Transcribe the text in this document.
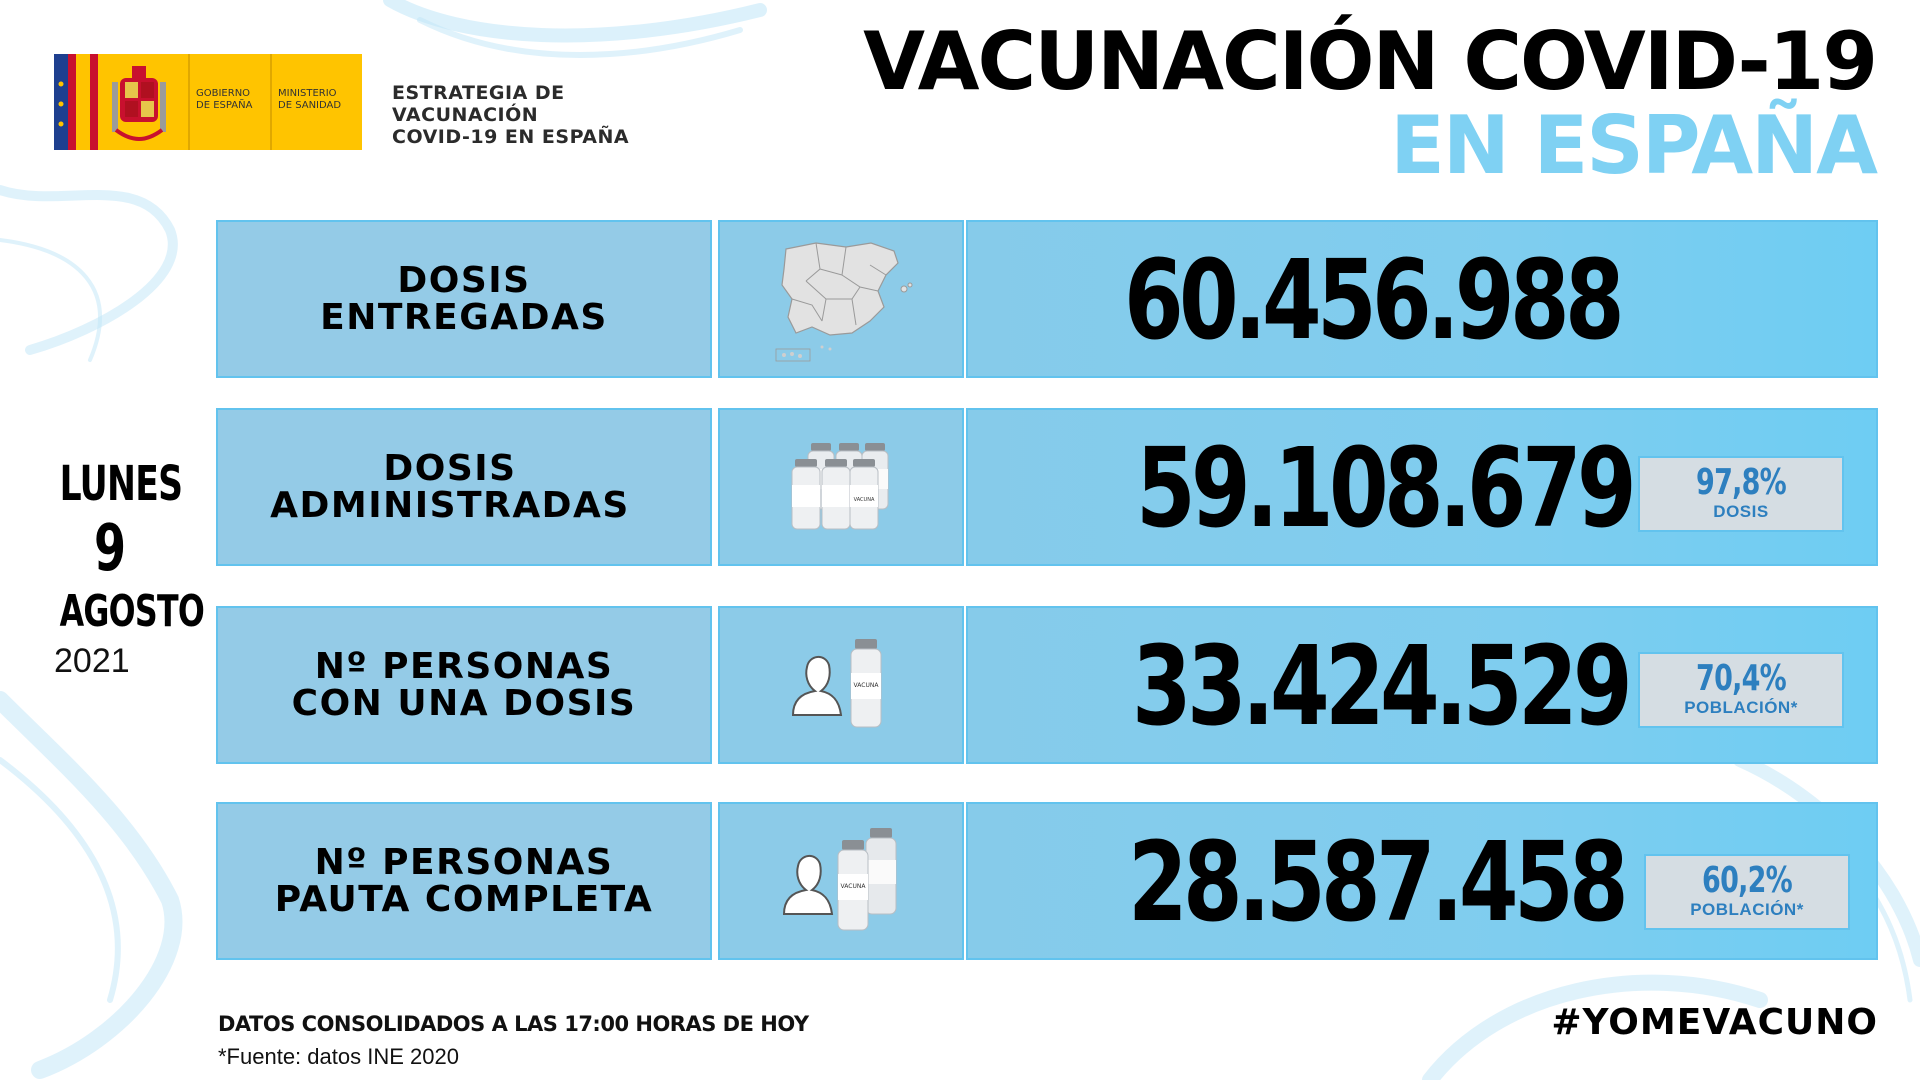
GOBIERNO
DE ESPAÑA
MINISTERIO
DE SANIDAD
ESTRATEGIA DE
VACUNACIÓN
COVID-19 EN ESPAÑA
VACUNACIÓN COVID-19
EN ESPAÑA
LUNES
9
AGOSTO
2021
DOSIS
ENTREGADAS	60.456.988
DOSIS
ADMINISTRADAS	VACUNA 59.108.679	97,8%
DOSIS
Nº PERSONAS
CON UNA DOSIS	VACUNA 33.424.529	70,4%
POBLACIÓN*
Nº PERSONAS
PAUTA COMPLETA	VACUNA 28.587.458	60,2%
POBLACIÓN*
DATOS CONSOLIDADOS A LAS 17:00 HORAS DE HOY
*Fuente: datos INE 2020
#YOMEVACUNO
